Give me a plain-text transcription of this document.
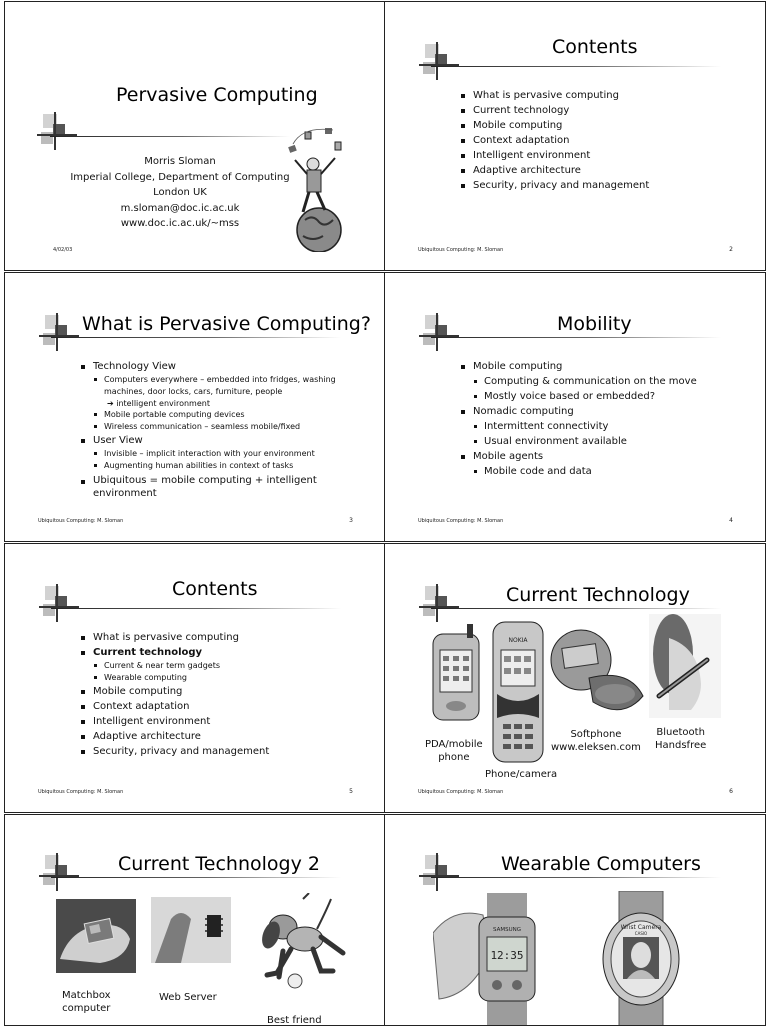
Pervasive Computing
Morris Sloman
Imperial College, Department of Computing
London UK
m.sloman@doc.ic.ac.uk
www.doc.ic.ac.uk/~mss
4/02/03
Contents
What is pervasive computing
Current technology
Mobile computing
Context adaptation
Intelligent environment
Adaptive architecture
Security, privacy and management
Ubiquitous Computing: M. Sloman	2
What is Pervasive Computing?
Technology View
Computers everywhere – embedded into fridges, washing machines, door locks, cars, furniture, people
➔ intelligent environment
Mobile portable computing devices
Wireless communication – seamless mobile/fixed
User View
Invisible – implicit interaction with your environment
Augmenting human abilities in context of tasks
Ubiquitous = mobile computing + intelligent environment
Ubiquitous Computing: M. Sloman	3
Mobility
Mobile computing
Computing & communication on the move
Mostly voice based or embedded?
Nomadic computing
Intermittent connectivity
Usual environment available
Mobile agents
Mobile code and data
Ubiquitous Computing: M. Sloman	4
Contents
What is pervasive computing
Current technology
Current & near term gadgets
Wearable computing
Mobile computing
Context adaptation
Intelligent environment
Adaptive architecture
Security, privacy and management
Ubiquitous Computing: M. Sloman	5
Current Technology
NOKIA
PDA/mobile
phone
Softphone
www.eleksen.com
Bluetooth
Handsfree
Phone/camera
Ubiquitous Computing: M. Sloman	6
Current Technology 2
Matchbox
computer
Web Server
Best friend
Wearable Computers
SAMSUNG
12:35
Wrist Camera
CASIO
